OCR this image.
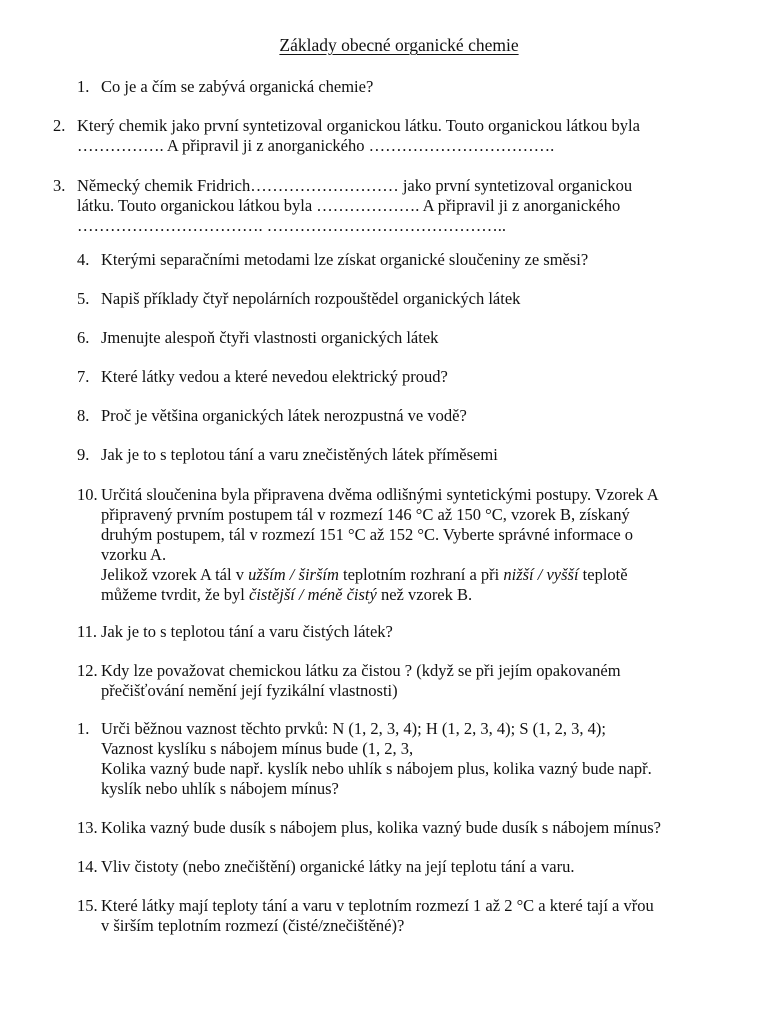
Základy obecné organické chemie
1. Co je a čím se zabývá organická chemie?
2. Který chemik jako první syntetizoval organickou látku. Touto organickou látkou byla
……………. A připravil ji z anorganického …………………………….
3. Německý chemik Fridrich……………………… jako první syntetizoval organickou
látku. Touto organickou látkou byla ………………. A připravil ji z anorganického
……………………………. ……………………………………..
4. Kterými separačními metodami lze získat organické sloučeniny ze směsi?
5. Napiš příklady čtyř nepolárních rozpouštědel organických látek
6. Jmenujte alespoň čtyři vlastnosti organických látek
7. Které látky vedou a které nevedou elektrický proud?
8. Proč je většina organických látek nerozpustná ve vodě?
9. Jak je to s teplotou tání a varu znečistěných látek příměsemi
10. Určitá sloučenina byla připravena dvěma odlišnými syntetickými postupy. Vzorek A
připravený prvním postupem tál v rozmezí 146 °C až 150 °C, vzorek B, získaný
druhým postupem, tál v rozmezí 151 °C až 152 °C. Vyberte správné informace o
vzorku A.
Jelikož vzorek A tál v užším / širším teplotním rozhraní a při nižší / vyšší teplotě
můžeme tvrdit, že byl čistější / méně čistý než vzorek B.
11. Jak je to s teplotou tání a varu čistých látek?
12. Kdy lze považovat chemickou látku za čistou ? (když se při jejím opakovaném
přečišťování nemění její fyzikální vlastnosti)
1. Urči běžnou vaznost těchto prvků: N (1, 2, 3, 4); H (1, 2, 3, 4); S (1, 2, 3, 4);
Vaznost kyslíku s nábojem mínus bude (1, 2, 3,
Kolika vazný bude např. kyslík nebo uhlík s nábojem plus, kolika vazný bude např.
kyslík nebo uhlík s nábojem mínus?
13. Kolika vazný bude dusík s nábojem plus, kolika vazný bude dusík s nábojem mínus?
14. Vliv čistoty (nebo znečištění) organické látky na její teplotu tání a varu.
15. Které látky mají teploty tání a varu v teplotním rozmezí 1 až 2 °C a které tají a vřou
v širším teplotním rozmezí (čisté/znečištěné)?
